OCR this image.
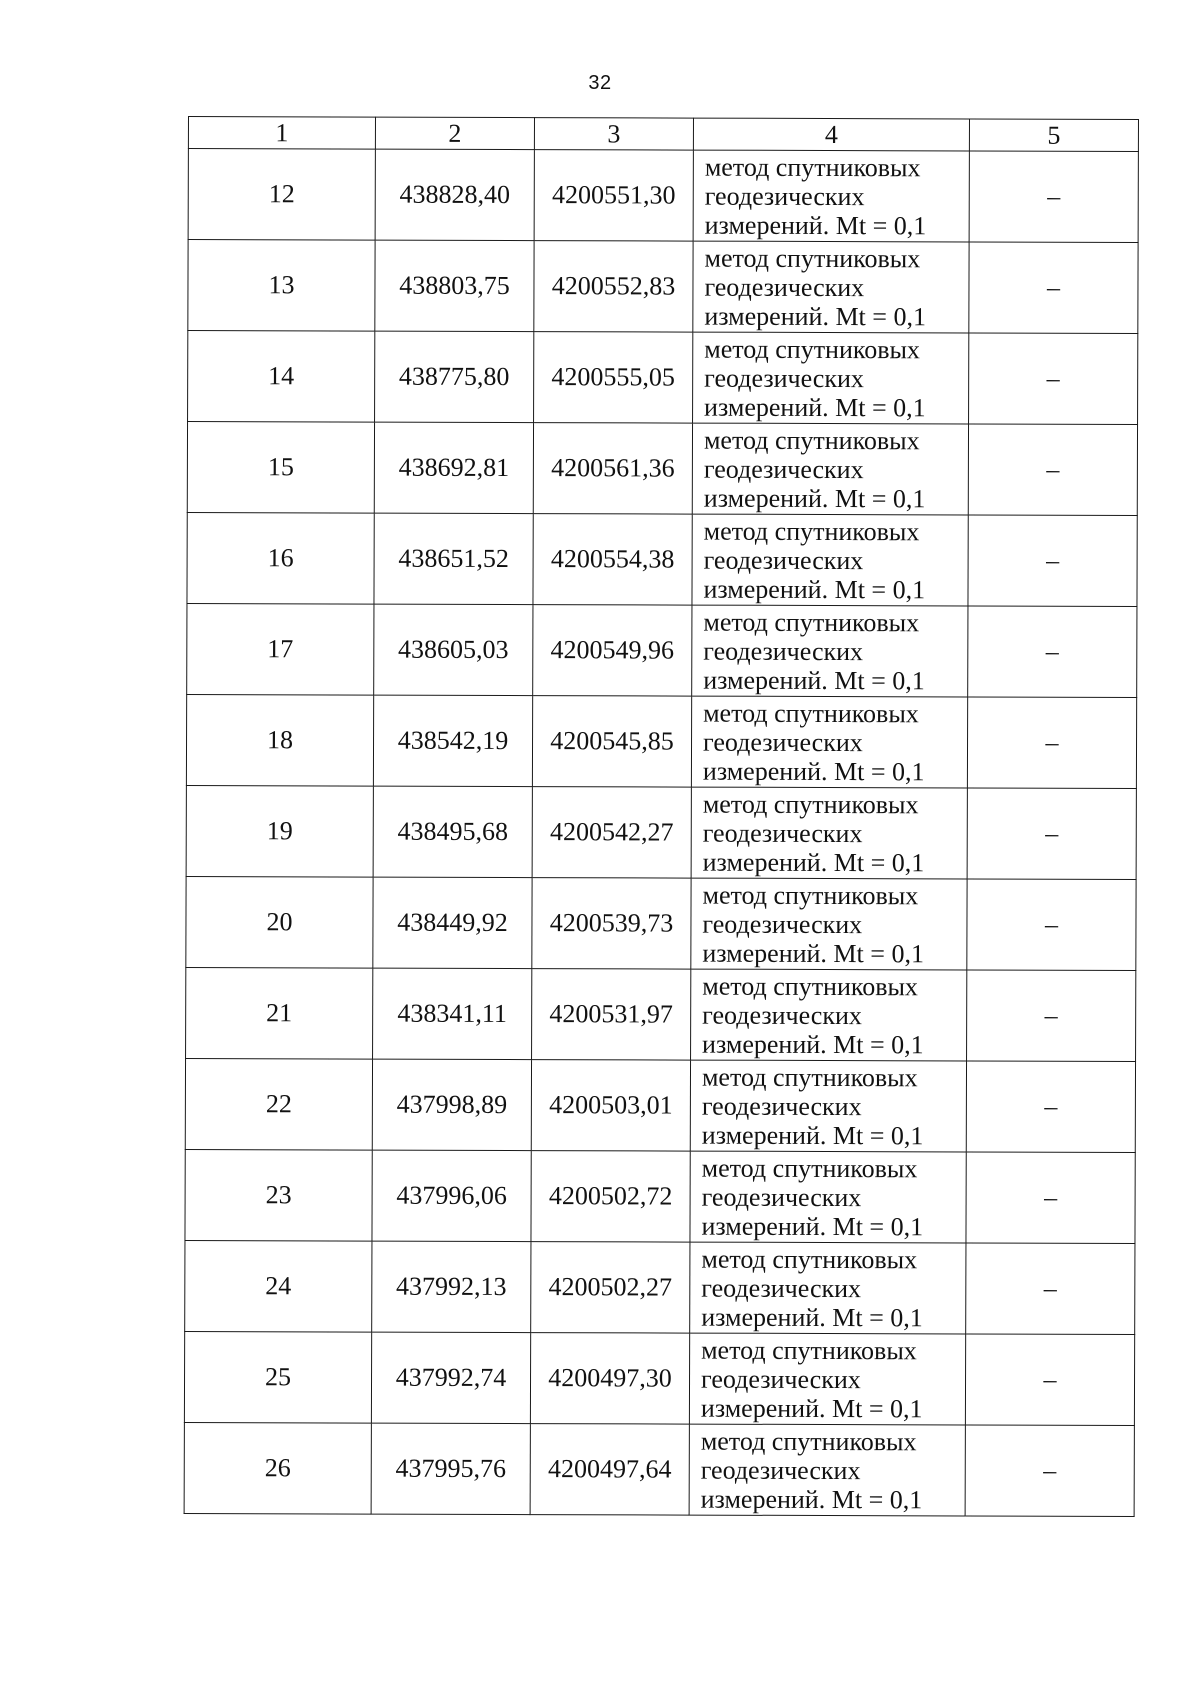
32
1	2	3	4	5
12	438828,40	4200551,30	метод спутниковых
геодезических
измерений. Mt = 0,1	–
13	438803,75	4200552,83	метод спутниковых
геодезических
измерений. Mt = 0,1	–
14	438775,80	4200555,05	метод спутниковых
геодезических
измерений. Mt = 0,1	–
15	438692,81	4200561,36	метод спутниковых
геодезических
измерений. Mt = 0,1	–
16	438651,52	4200554,38	метод спутниковых
геодезических
измерений. Mt = 0,1	–
17	438605,03	4200549,96	метод спутниковых
геодезических
измерений. Mt = 0,1	–
18	438542,19	4200545,85	метод спутниковых
геодезических
измерений. Mt = 0,1	–
19	438495,68	4200542,27	метод спутниковых
геодезических
измерений. Mt = 0,1	–
20	438449,92	4200539,73	метод спутниковых
геодезических
измерений. Mt = 0,1	–
21	438341,11	4200531,97	метод спутниковых
геодезических
измерений. Mt = 0,1	–
22	437998,89	4200503,01	метод спутниковых
геодезических
измерений. Mt = 0,1	–
23	437996,06	4200502,72	метод спутниковых
геодезических
измерений. Mt = 0,1	–
24	437992,13	4200502,27	метод спутниковых
геодезических
измерений. Mt = 0,1	–
25	437992,74	4200497,30	метод спутниковых
геодезических
измерений. Mt = 0,1	–
26	437995,76	4200497,64	метод спутниковых
геодезических
измерений. Mt = 0,1	–
